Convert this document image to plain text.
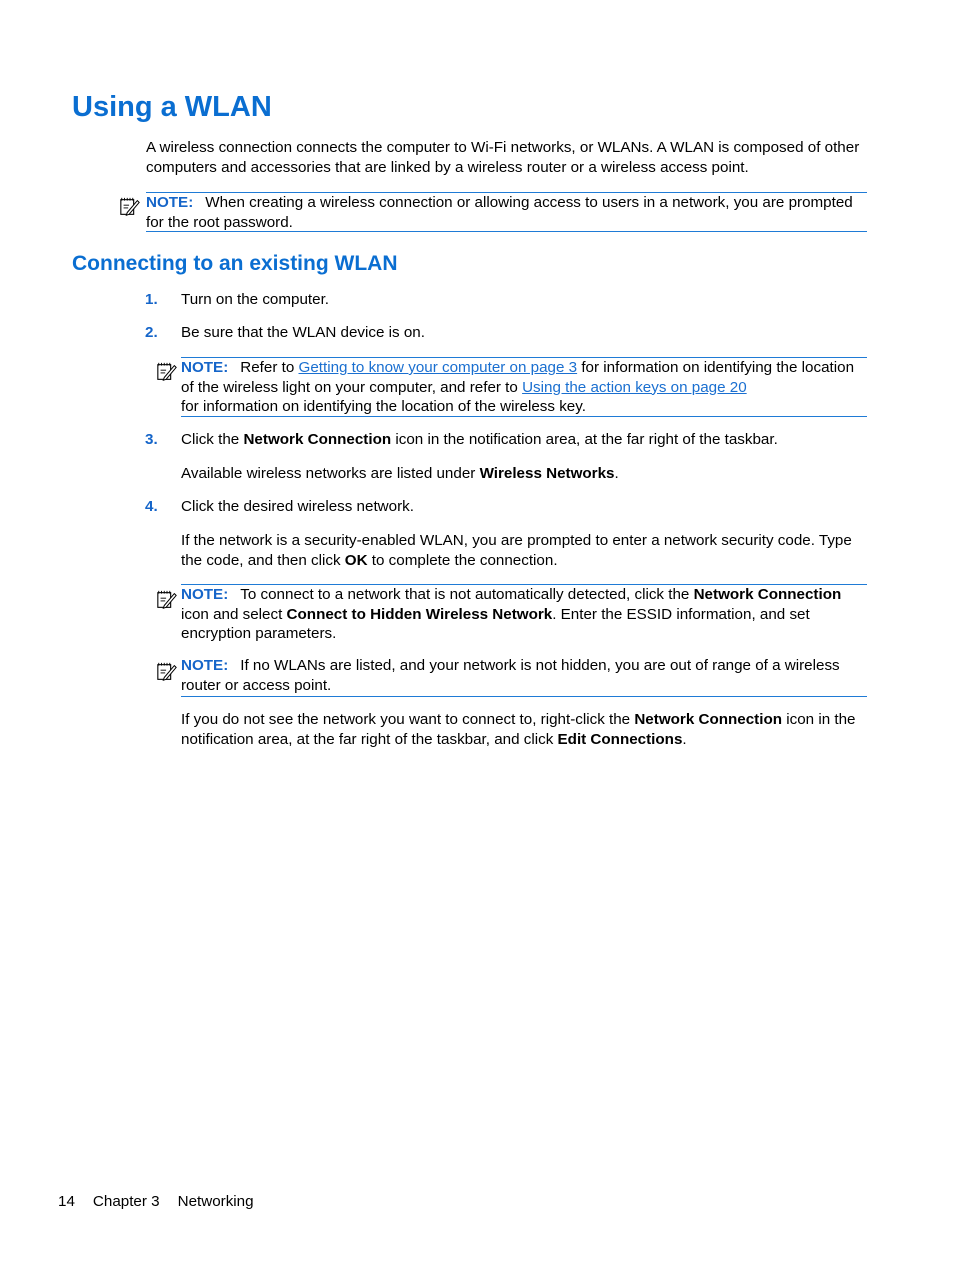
Using a WLAN

A wireless connection connects the computer to Wi-Fi networks, or WLANs. A WLAN is composed of other computers and accessories that are linked by a wireless router or a wireless access point.

NOTE: When creating a wireless connection or allowing access to users in a network, you are prompted for the root password.
Connecting to an existing WLAN
1. Turn on the computer.

2. Be sure that the WLAN device is on.

NOTE: Refer to Getting to know your computer on page 3 for information on identifying the location of the wireless light on your computer, and refer to Using the action keys on page 20
for information on identifying the location of the wireless key.
3. Click the Network Connection icon in the notification area, at the far right of the taskbar.

Available wireless networks are listed under Wireless Networks.

4. Click the desired wireless network.

If the network is a security-enabled WLAN, you are prompted to enter a network security code. Type the code, and then click OK to complete the connection.

NOTE: To connect to a network that is not automatically detected, click the Network Connection icon and select Connect to Hidden Wireless Network. Enter the ESSID information, and set encryption parameters.
NOTE: If no WLANs are listed, and your network is not hidden, you are out of range of a wireless router or access point.

If you do not see the network you want to connect to, right-click the Network Connection icon in the notification area, at the far right of the taskbar, and click Edit Connections.

14 Chapter 3 Networking
